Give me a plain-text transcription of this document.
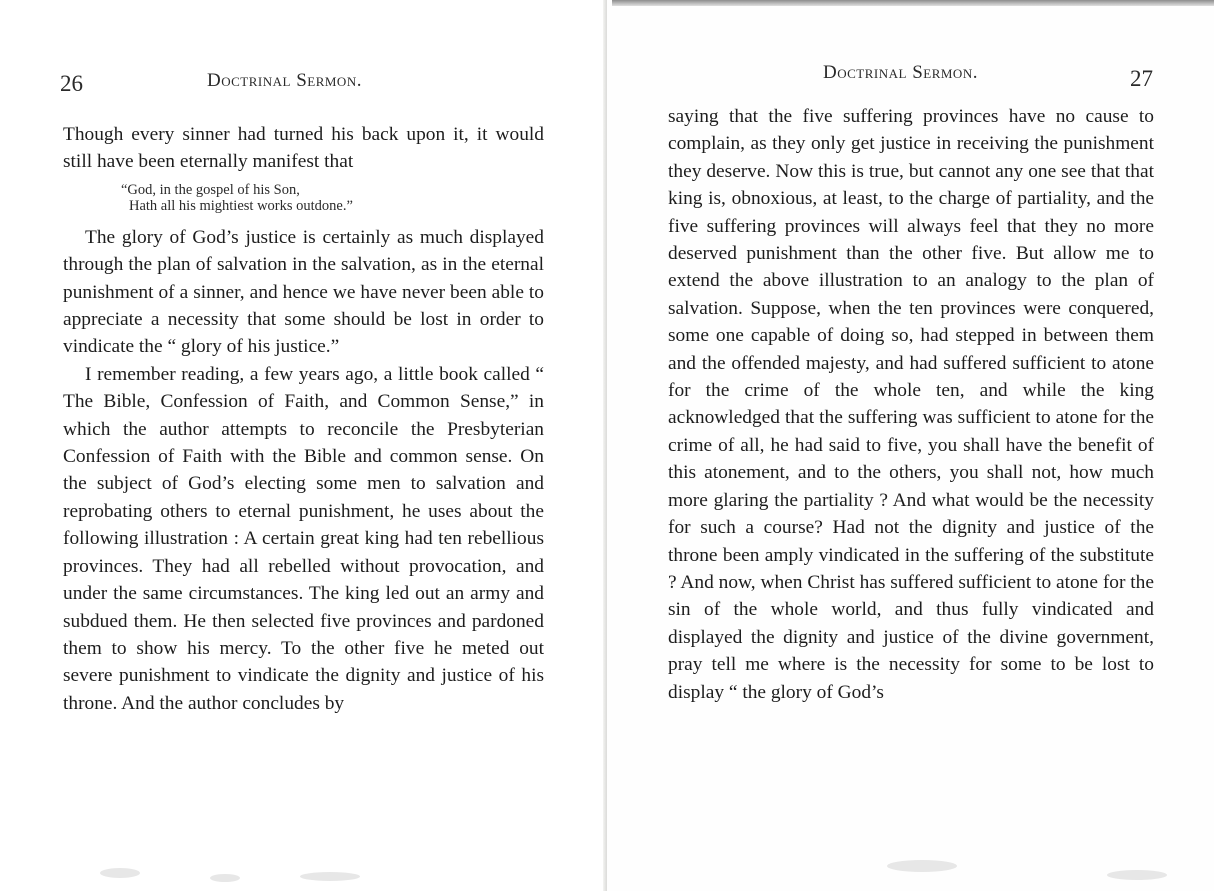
26	Doctrinal Sermon.

Though every sinner had turned his back upon it, it would still have been eternally manifest that

“God, in the gospel of his Son,
Hath all his mightiest works outdone.”

The glory of God’s justice is certainly as much displayed through the plan of salvation in the salvation, as in the eternal punishment of a sinner, and hence we have never been able to appreciate a necessity that some should be lost in order to vindicate the “ glory of his justice.”

I remember reading, a few years ago, a little book called “ The Bible, Confession of Faith, and Common Sense,” in which the author attempts to reconcile the Presbyterian Confession of Faith with the Bible and common sense. On the subject of God’s electing some men to salvation and reprobating others to eternal punishment, he uses about the following illustration : A certain great king had ten rebellious provinces. They had all rebelled without provocation, and under the same circumstances. The king led out an army and subdued them. He then selected five provinces and pardoned them to show his mercy. To the other five he meted out severe punishment to vindicate the dignity and justice of his throne. And the author concludes by

Doctrinal Sermon.	27

saying that the five suffering provinces have no cause to complain, as they only get justice in receiving the punishment they deserve. Now this is true, but cannot any one see that that king is, obnoxious, at least, to the charge of partiality, and the five suffering provinces will always feel that they no more deserved punishment than the other five. But allow me to extend the above illustration to an analogy to the plan of salvation. Suppose, when the ten provinces were conquered, some one capable of doing so, had stepped in between them and the offended majesty, and had suffered sufficient to atone for the crime of the whole ten, and while the king acknowledged that the suffering was sufficient to atone for the crime of all, he had said to five, you shall have the benefit of this atonement, and to the others, you shall not, how much more glaring the partiality ? And what would be the necessity for such a course? Had not the dignity and justice of the throne been amply vindicated in the suffering of the substitute ? And now, when Christ has suffered sufficient to atone for the sin of the whole world, and thus fully vindicated and displayed the dignity and justice of the divine government, pray tell me where is the necessity for some to be lost to display “ the glory of God’s
